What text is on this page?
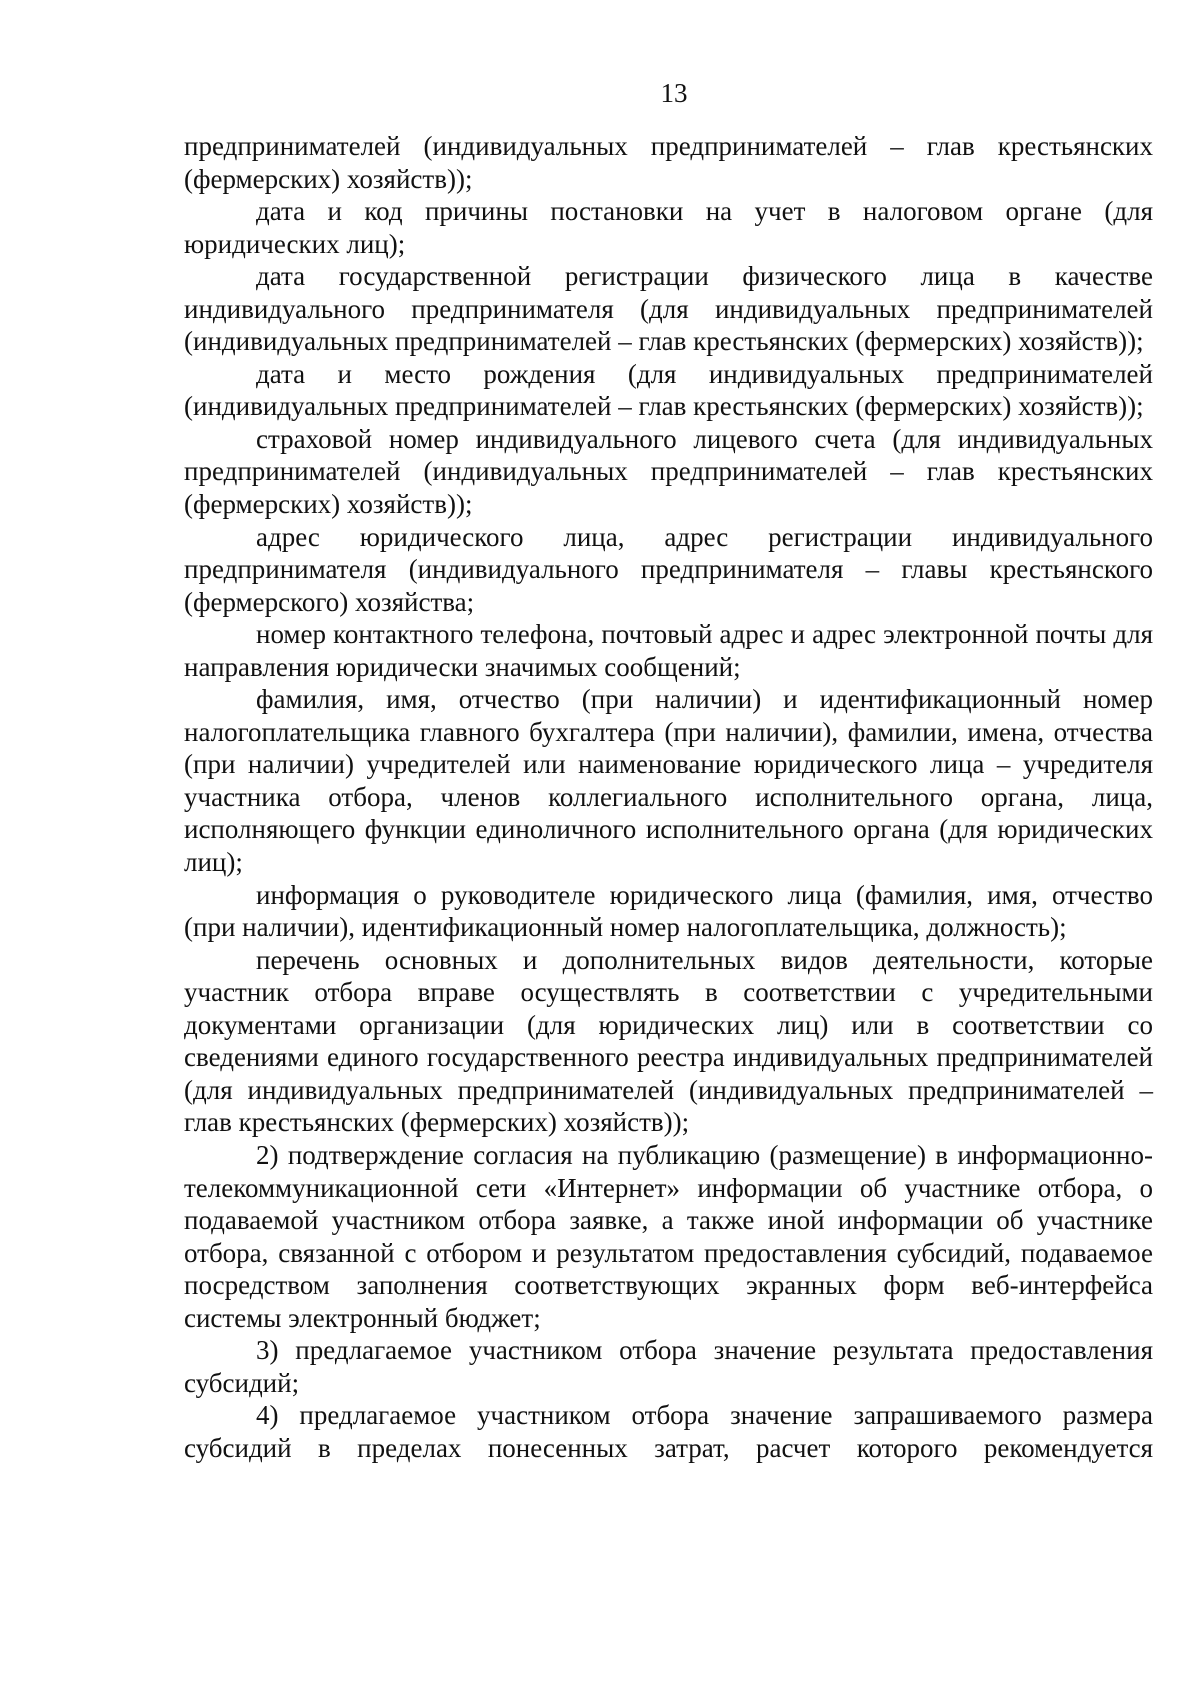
13

предпринимателей (индивидуальных предпринимателей – глав крестьянских (фермерских) хозяйств));

дата и код причины постановки на учет в налоговом органе (для юридических лиц);

дата государственной регистрации физического лица в качестве индивидуального предпринимателя (для индивидуальных предпринимателей (индивидуальных предпринимателей – глав крестьянских (фермерских) хозяйств));

дата и место рождения (для индивидуальных предпринимателей (индивидуальных предпринимателей – глав крестьянских (фермерских) хозяйств));

страховой номер индивидуального лицевого счета (для индивидуальных предпринимателей (индивидуальных предпринимателей – глав крестьянских (фермерских) хозяйств));

адрес юридического лица, адрес регистрации индивидуального предпринимателя (индивидуального предпринимателя – главы крестьянского (фермерского) хозяйства;

номер контактного телефона, почтовый адрес и адрес электронной почты для направления юридически значимых сообщений;

фамилия, имя, отчество (при наличии) и идентификационный номер налогоплательщика главного бухгалтера (при наличии), фамилии, имена, отчества (при наличии) учредителей или наименование юридического лица – учредителя участника отбора, членов коллегиального исполнительного органа, лица, исполняющего функции единоличного исполнительного органа (для юридических лиц);

информация о руководителе юридического лица (фамилия, имя, отчество (при наличии), идентификационный номер налогоплательщика, должность);

перечень основных и дополнительных видов деятельности, которые участник отбора вправе осуществлять в соответствии с учредительными документами организации (для юридических лиц) или в соответствии со сведениями единого государственного реестра индивидуальных предпринимателей (для индивидуальных предпринимателей (индивидуальных предпринимателей – глав крестьянских (фермерских) хозяйств));

2) подтверждение согласия на публикацию (размещение) в информационно-телекоммуникационной сети «Интернет» информации об участнике отбора, о подаваемой участником отбора заявке, а также иной информации об участнике отбора, связанной с отбором и результатом предоставления субсидий, подаваемое посредством заполнения соответствующих экранных форм веб-интерфейса системы электронный бюджет;

3) предлагаемое участником отбора значение результата предоставления субсидий;

4) предлагаемое участником отбора значение запрашиваемого размера субсидий в пределах понесенных затрат, расчет которого рекомендуется
